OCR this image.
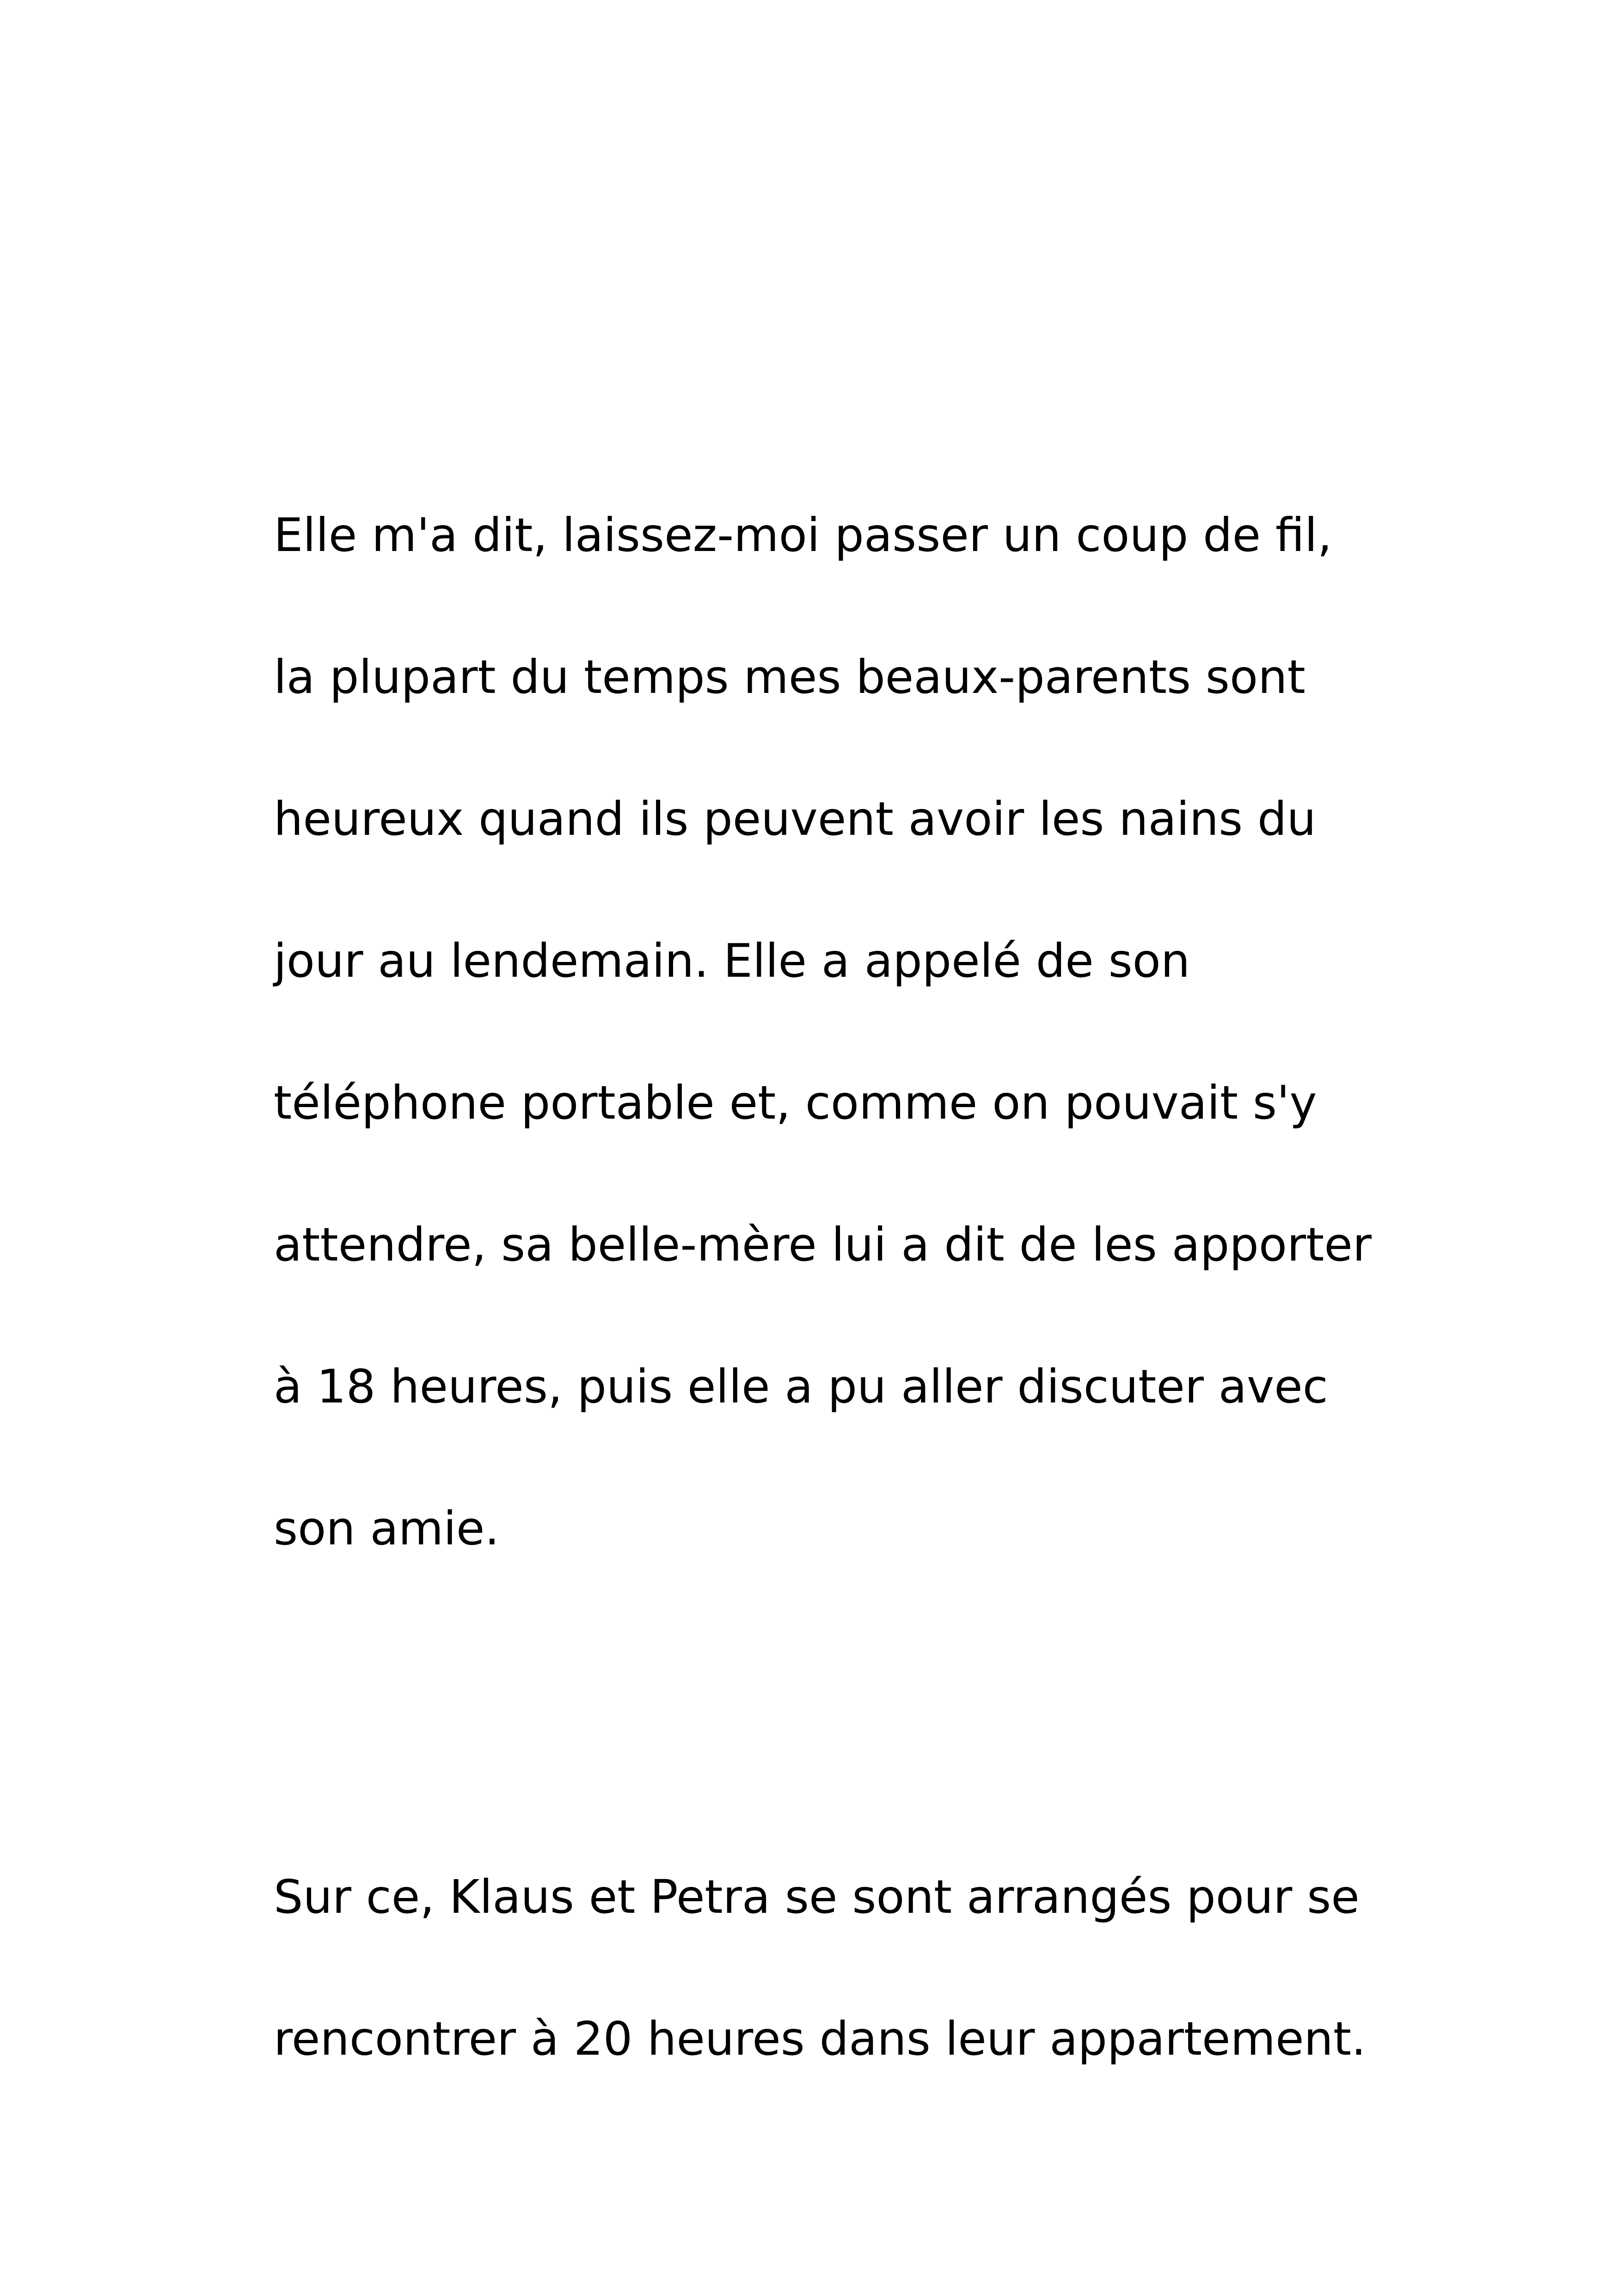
Elle m'a dit, laissez-moi passer un coup de fil,
la plupart du temps mes beaux-parents sont
heureux quand ils peuvent avoir les nains du
jour au lendemain. Elle a appelé de son
téléphone portable et, comme on pouvait s'y
attendre, sa belle-mère lui a dit de les apporter
à 18 heures, puis elle a pu aller discuter avec
son amie.
Sur ce, Klaus et Petra se sont arrangés pour se
rencontrer à 20 heures dans leur appartement.
